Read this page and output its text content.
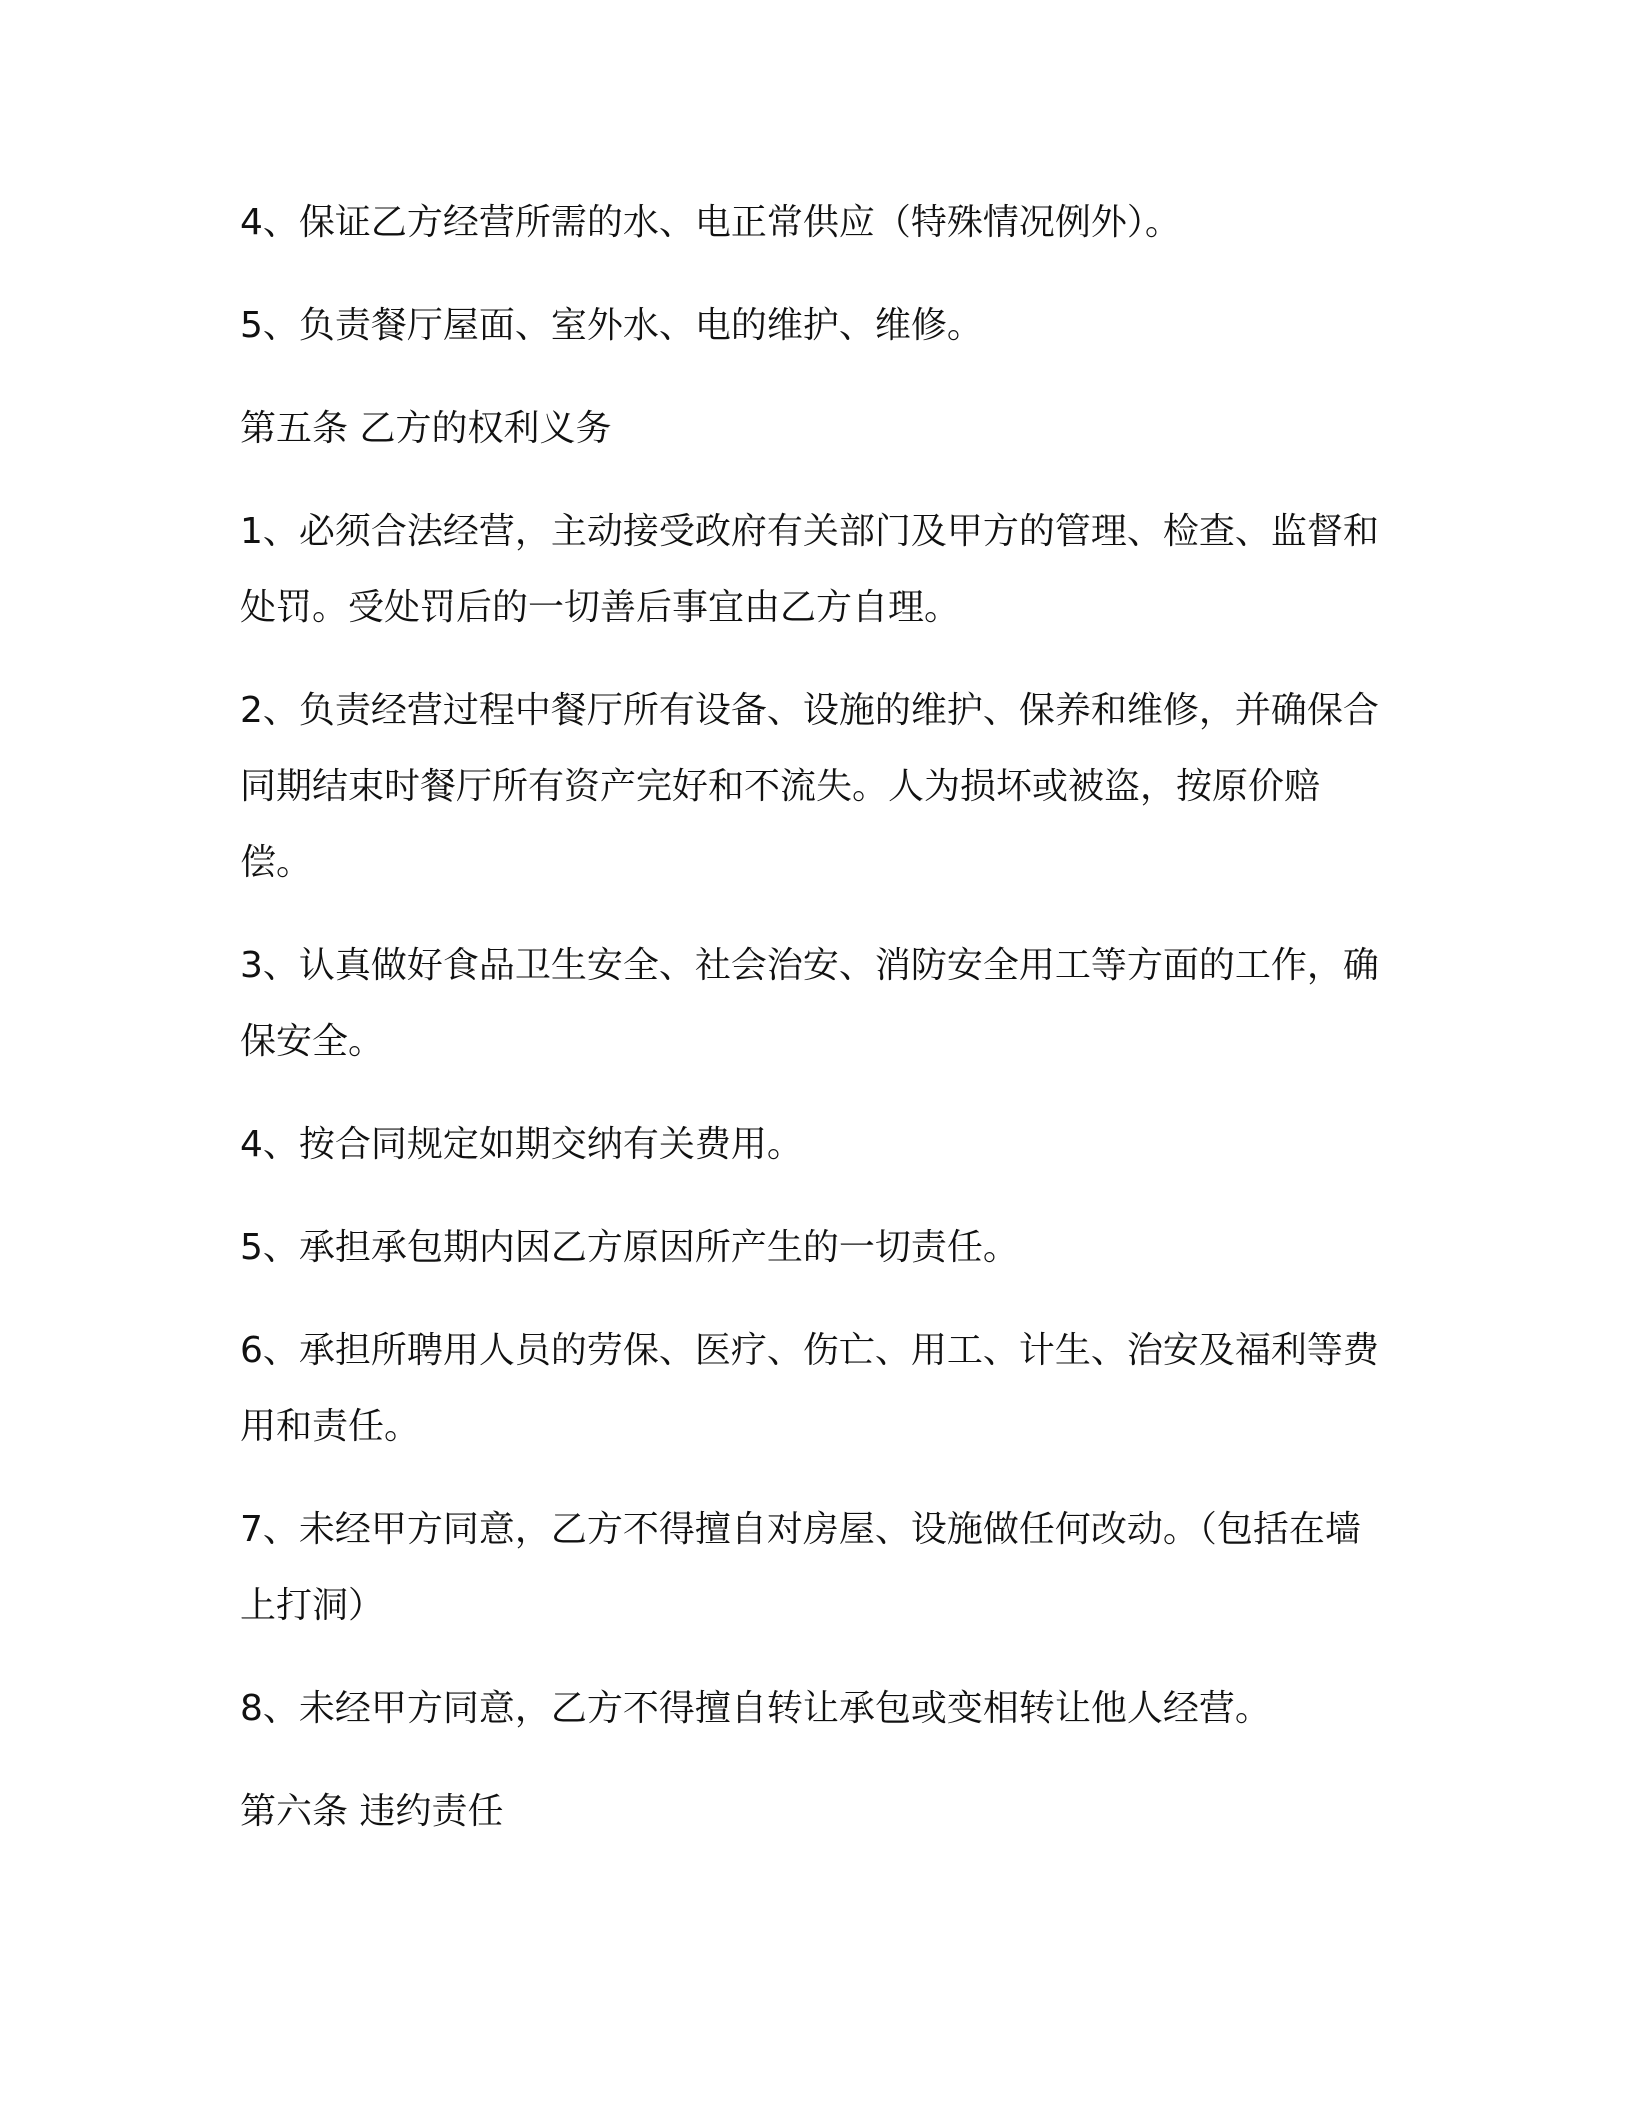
4、保证乙方经营所需的水、电正常供应（特殊情况例外）。

5、负责餐厅屋面、室外水、电的维护、维修。

第五条 乙方的权利义务

1、必须合法经营，主动接受政府有关部门及甲方的管理、检查、监督和处罚。受处罚后的一切善后事宜由乙方自理。

2、负责经营过程中餐厅所有设备、设施的维护、保养和维修，并确保合同期结束时餐厅所有资产完好和不流失。人为损坏或被盗，按原价赔偿。

3、认真做好食品卫生安全、社会治安、消防安全用工等方面的工作，确保安全。

4、按合同规定如期交纳有关费用。

5、承担承包期内因乙方原因所产生的一切责任。

6、承担所聘用人员的劳保、医疗、伤亡、用工、计生、治安及福利等费用和责任。

7、未经甲方同意，乙方不得擅自对房屋、设施做任何改动。（包括在墙上打洞）

8、未经甲方同意，乙方不得擅自转让承包或变相转让他人经营。

第六条 违约责任
